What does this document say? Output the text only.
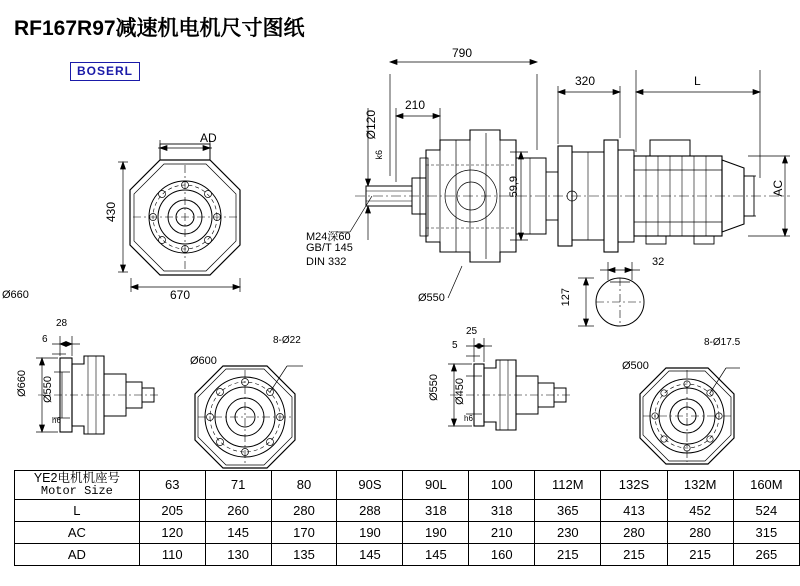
RF167R97减速机电机尺寸图纸
BOSERL
AD
430
670
790
320	L
AC
210
Ø120
k6
59,9
M24深60
GB/T 145
DIN 332
Ø660	Ø550
32
127
28
6
Ø660 Ø550
h6
8-Ø22
Ø600
25
5
Ø550 Ø450
h6
8-Ø17.5
Ø500
YE2电机机座号
Motor Size	63	71	80	90S	90L	100	112M	132S	132M	160M
L	205	260	280	288	318	318	365	413	452	524
AC	120	145	170	190	190	210	230	280	280	315
AD	110	130	135	145	145	160	215	215	215	265
